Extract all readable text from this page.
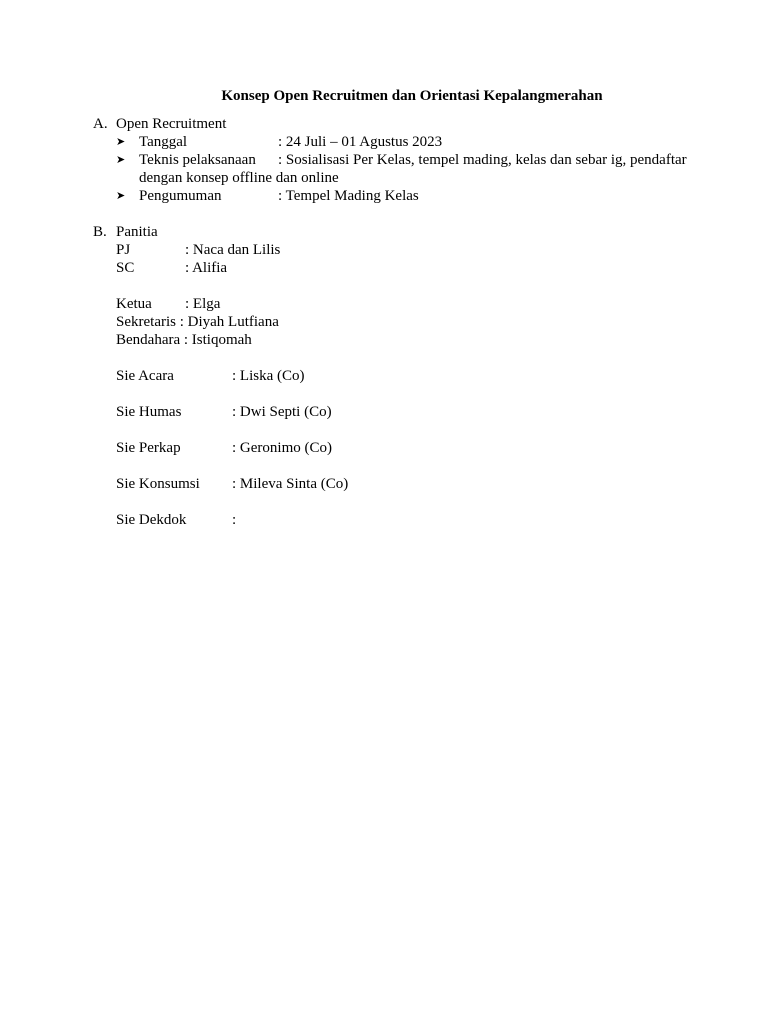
Konsep Open Recruitmen dan Orientasi Kepalangmerahan
A. Open Recruitment
➤ Tanggal	: 24 Juli – 01 Agustus 2023
➤ Teknis pelaksanaan : Sosialisasi Per Kelas, tempel mading, kelas dan sebar ig, pendaftar
dengan konsep offline dan online
➤ Pengumuman	: Tempel Mading Kelas
B. Panitia
PJ	: Naca dan Lilis
SC	: Alifia
Ketua : Elga
Sekretaris : Diyah Lutfiana
Bendahara : Istiqomah
Sie Acara	: Liska (Co)
Sie Humas	: Dwi Septi (Co)
Sie Perkap	: Geronimo (Co)
Sie Konsumsi : Mileva Sinta (Co)
Sie Dekdok	:
